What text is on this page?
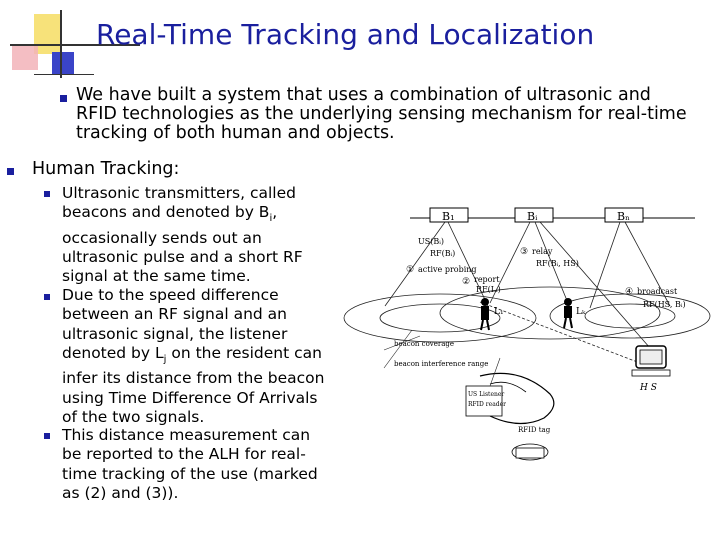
Real-Time Tracking and Localization
We have built a system that uses a combination of ultrasonic and RFID technologies as the underlying sensing mechanism for real-time tracking of both human and objects.
Human Tracking:
Ultrasonic transmitters, called beacons and denoted by $B_i$, occasionally sends out an ultrasonic pulse and a short RF signal at the same time.
Due to the speed difference between an RF signal and an ultrasonic signal, the listener denoted by $L_j$ on the resident can infer its distance from the beacon using Time Difference Of Arrivals of the two signals.
This distance measurement can be reported to the ALH for real-time tracking of the use (marked as (2) and (3)).
B₁	Bᵢ	Bₙ
US(Bᵢ)
RF(Bᵢ)	③ relay
RF(Bᵢ, HS)
① active probing
② report
RF(Lᵢ)	④ broadcast
RF(HS, Bᵢ)
L₁	Lₖ
beacon coverage
beacon interference range
H S
US Listener
RFID reader
RFID tag
